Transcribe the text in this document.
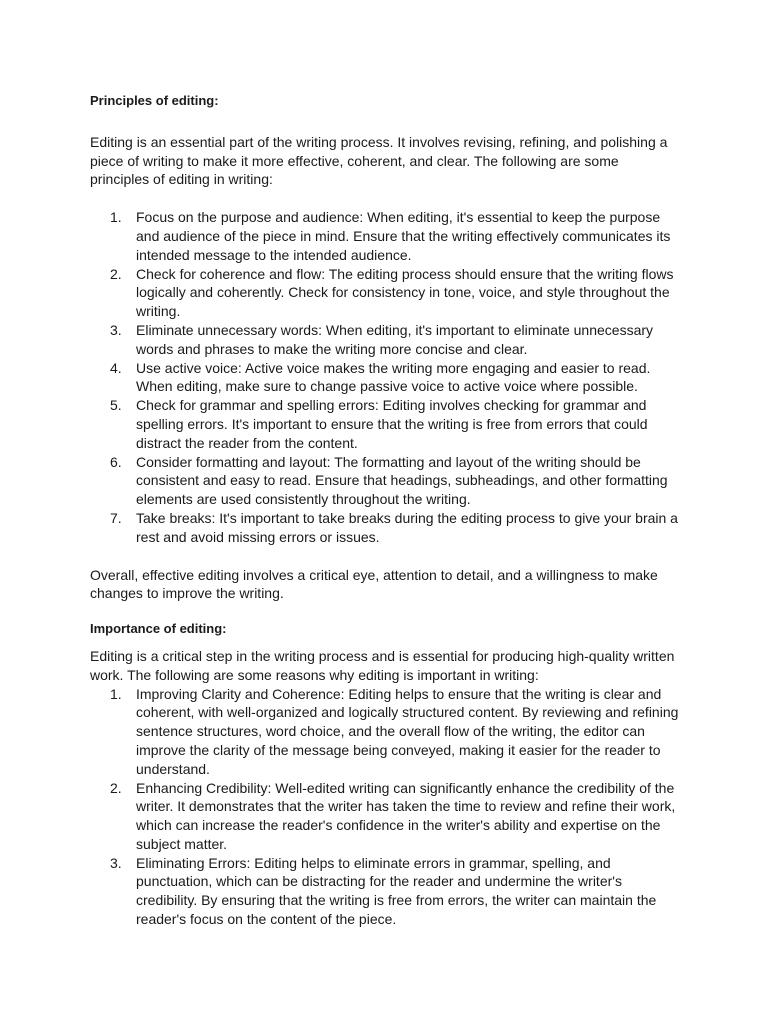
Principles of editing:

Editing is an essential part of the writing process. It involves revising, refining, and polishing a piece of writing to make it more effective, coherent, and clear. The following are some principles of editing in writing:

1. Focus on the purpose and audience: When editing, it's essential to keep the purpose and audience of the piece in mind. Ensure that the writing effectively communicates its intended message to the intended audience.
2. Check for coherence and flow: The editing process should ensure that the writing flows logically and coherently. Check for consistency in tone, voice, and style throughout the writing.
3. Eliminate unnecessary words: When editing, it's important to eliminate unnecessary words and phrases to make the writing more concise and clear.
4. Use active voice: Active voice makes the writing more engaging and easier to read. When editing, make sure to change passive voice to active voice where possible.
5. Check for grammar and spelling errors: Editing involves checking for grammar and spelling errors. It's important to ensure that the writing is free from errors that could distract the reader from the content.
6. Consider formatting and layout: The formatting and layout of the writing should be consistent and easy to read. Ensure that headings, subheadings, and other formatting elements are used consistently throughout the writing.
7. Take breaks: It's important to take breaks during the editing process to give your brain a rest and avoid missing errors or issues.

Overall, effective editing involves a critical eye, attention to detail, and a willingness to make changes to improve the writing.

Importance of editing:

Editing is a critical step in the writing process and is essential for producing high-quality written work. The following are some reasons why editing is important in writing:

1. Improving Clarity and Coherence: Editing helps to ensure that the writing is clear and coherent, with well-organized and logically structured content. By reviewing and refining sentence structures, word choice, and the overall flow of the writing, the editor can improve the clarity of the message being conveyed, making it easier for the reader to understand.
2. Enhancing Credibility: Well-edited writing can significantly enhance the credibility of the writer. It demonstrates that the writer has taken the time to review and refine their work, which can increase the reader's confidence in the writer's ability and expertise on the subject matter.
3. Eliminating Errors: Editing helps to eliminate errors in grammar, spelling, and punctuation, which can be distracting for the reader and undermine the writer's credibility. By ensuring that the writing is free from errors, the writer can maintain the reader's focus on the content of the piece.
